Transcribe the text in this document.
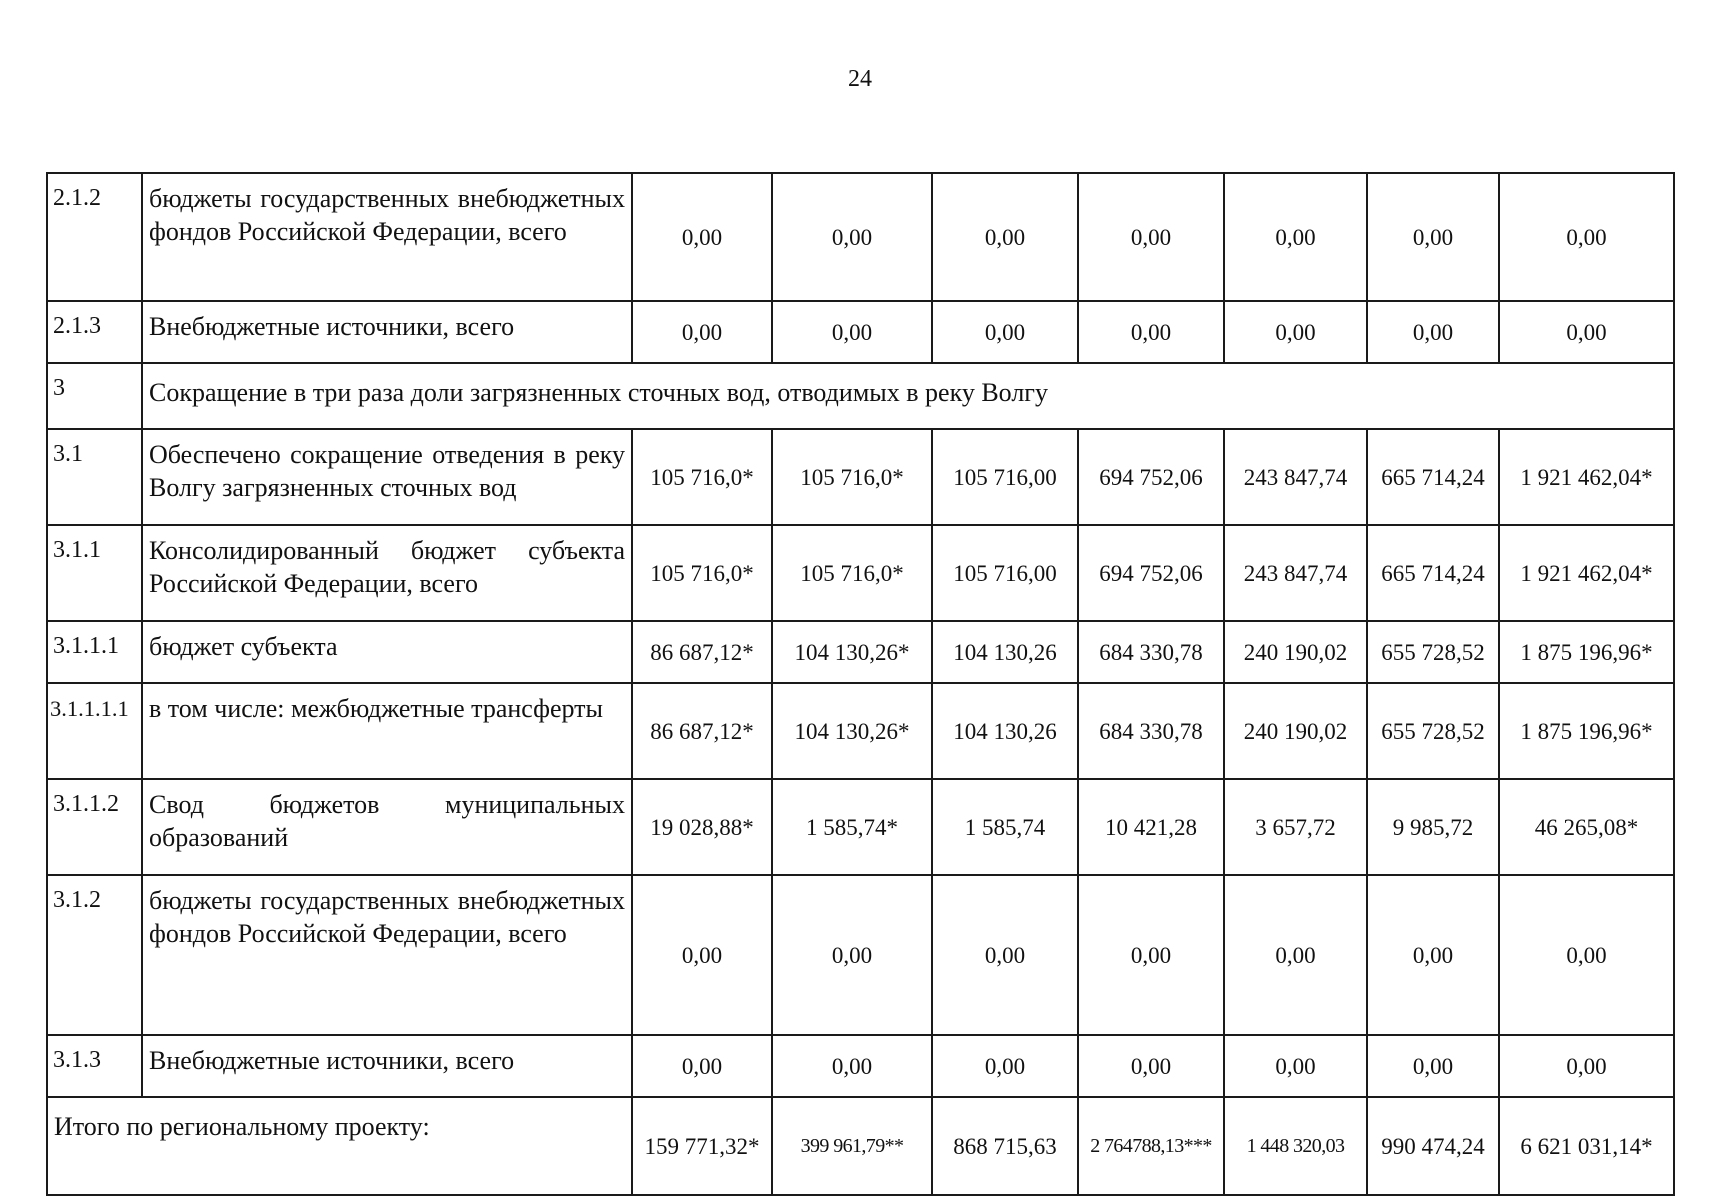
24
2.1.2	бюджеты государственных внебюджетных фондов Российской Федерации, всего	0,00	0,00	0,00	0,00	0,00	0,00	0,00
2.1.3	Внебюджетные источники, всего	0,00	0,00	0,00	0,00	0,00	0,00	0,00
3	Сокращение в три раза доли загрязненных сточных вод, отводимых в реку Волгу							
3.1	Обеспечено сокращение отведения в реку Волгу загрязненных сточных вод	105 716,0*	105 716,0*	105 716,00	694 752,06	243 847,74	665 714,24	1 921 462,04*
3.1.1	Консолидированный бюджет субъекта Российской Федерации, всего	105 716,0*	105 716,0*	105 716,00	694 752,06	243 847,74	665 714,24	1 921 462,04*
3.1.1.1	бюджет субъекта	86 687,12*	104 130,26*	104 130,26	684 330,78	240 190,02	655 728,52	1 875 196,96*
3.1.1.1.1	в том числе: межбюджетные трансферты	86 687,12*	104 130,26*	104 130,26	684 330,78	240 190,02	655 728,52	1 875 196,96*
3.1.1.2	Свод бюджетов муниципальных образований	19 028,88*	1 585,74*	1 585,74	10 421,28	3 657,72	9 985,72	46 265,08*
3.1.2	бюджеты государственных внебюджетных фондов Российской Федерации, всего	0,00	0,00	0,00	0,00	0,00	0,00	0,00
3.1.3	Внебюджетные источники, всего	0,00	0,00	0,00	0,00	0,00	0,00	0,00
Итого по региональному проекту:		159 771,32*	399 961,79**	868 715,63	2 764788,13***	1 448 320,03	990 474,24	6 621 031,14*
